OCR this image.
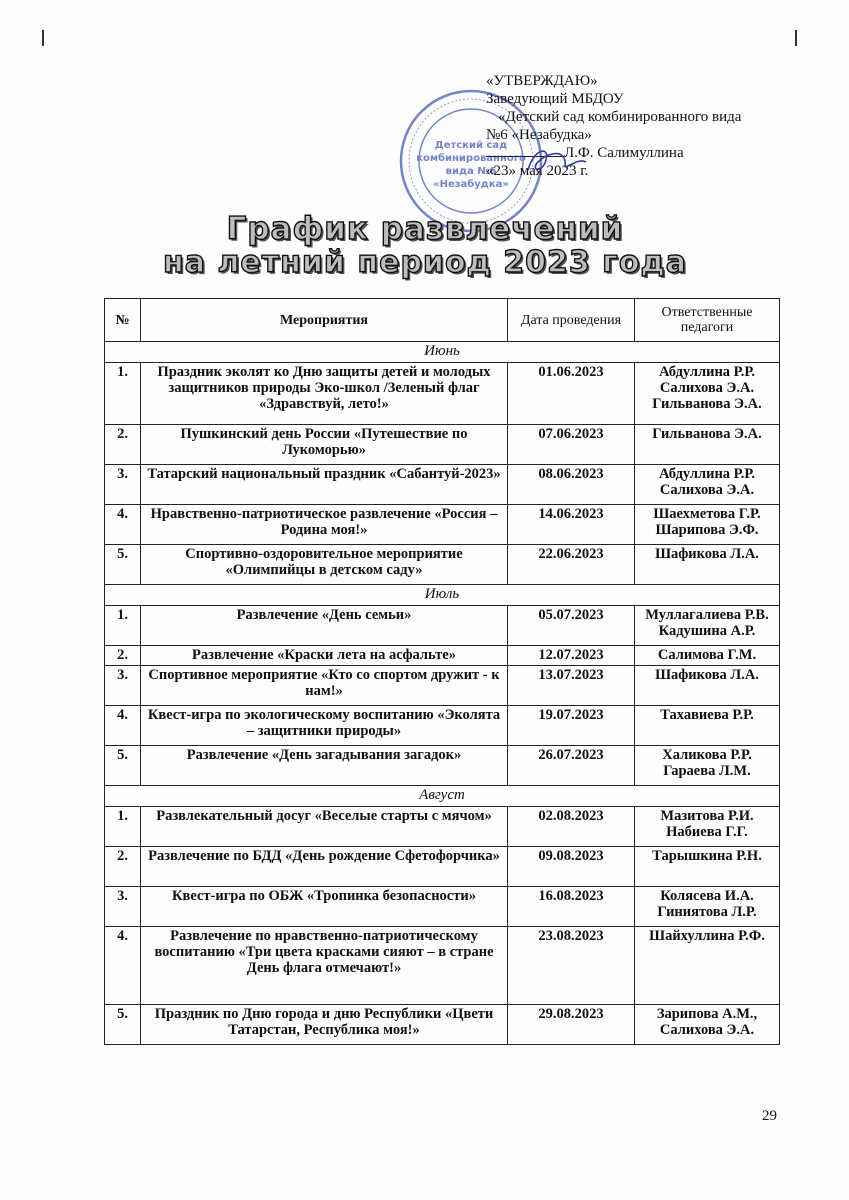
Детский сад
комбинированного
вида №6
«Незабудка»
«УТВЕРЖДАЮ»
Заведующий МБДОУ
«Детский сад комбинированного вида
№6 «Незабудка»
Л.Ф. Салимуллина
«23» мая 2023 г.
График развлечений
на летний период 2023 года
№	Мероприятия	Дата проведения	Ответственные педагоги
Июнь			
1.	Праздник эколят ко Дню защиты детей и молодых защитников природы Эко-школ /Зеленый флаг «Здравствуй, лето!»	01.06.2023	Абдуллина Р.Р. Салихова Э.А. Гильванова Э.А.
2.	Пушкинский день России «Путешествие по Лукоморью»	07.06.2023	Гильванова Э.А.
3.	Татарский национальный праздник «Сабантуй-2023»	08.06.2023	Абдуллина Р.Р. Салихова Э.А.
4.	Нравственно-патриотическое развлечение «Россия – Родина моя!»	14.06.2023	Шаехметова Г.Р. Шарипова Э.Ф.
5.	Спортивно-оздоровительное мероприятие «Олимпийцы в детском саду»	22.06.2023	Шафикова Л.А.
Июль			
1.	Развлечение «День семьи»	05.07.2023	Муллагалиева Р.В. Кадушина А.Р.
2.	Развлечение «Краски лета на асфальте»	12.07.2023	Салимова Г.М.
3.	Спортивное мероприятие «Кто со спортом дружит - к нам!»	13.07.2023	Шафикова Л.А.
4.	Квест-игра по экологическому воспитанию «Эколята – защитники природы»	19.07.2023	Тахавиева Р.Р.
5.	Развлечение «День загадывания загадок»	26.07.2023	Халикова Р.Р. Гараева Л.М.
Август			
1.	Развлекательный досуг «Веселые старты с мячом»	02.08.2023	Мазитова Р.И. Набиева Г.Г.
2.	Развлечение по БДД «День рождение Сфетофорчика»	09.08.2023	Тарышкина Р.Н.
3.	Квест-игра по ОБЖ «Тропинка безопасности»	16.08.2023	Колясева И.А. Гиниятова Л.Р.
4.	Развлечение по нравственно-патриотическому воспитанию «Три цвета красками сияют – в стране День флага отмечают!»	23.08.2023	Шайхуллина Р.Ф.
5.	Праздник по Дню города и дню Республики «Цвети Татарстан, Республика моя!»	29.08.2023	Зарипова А.М., Салихова Э.А.
29
